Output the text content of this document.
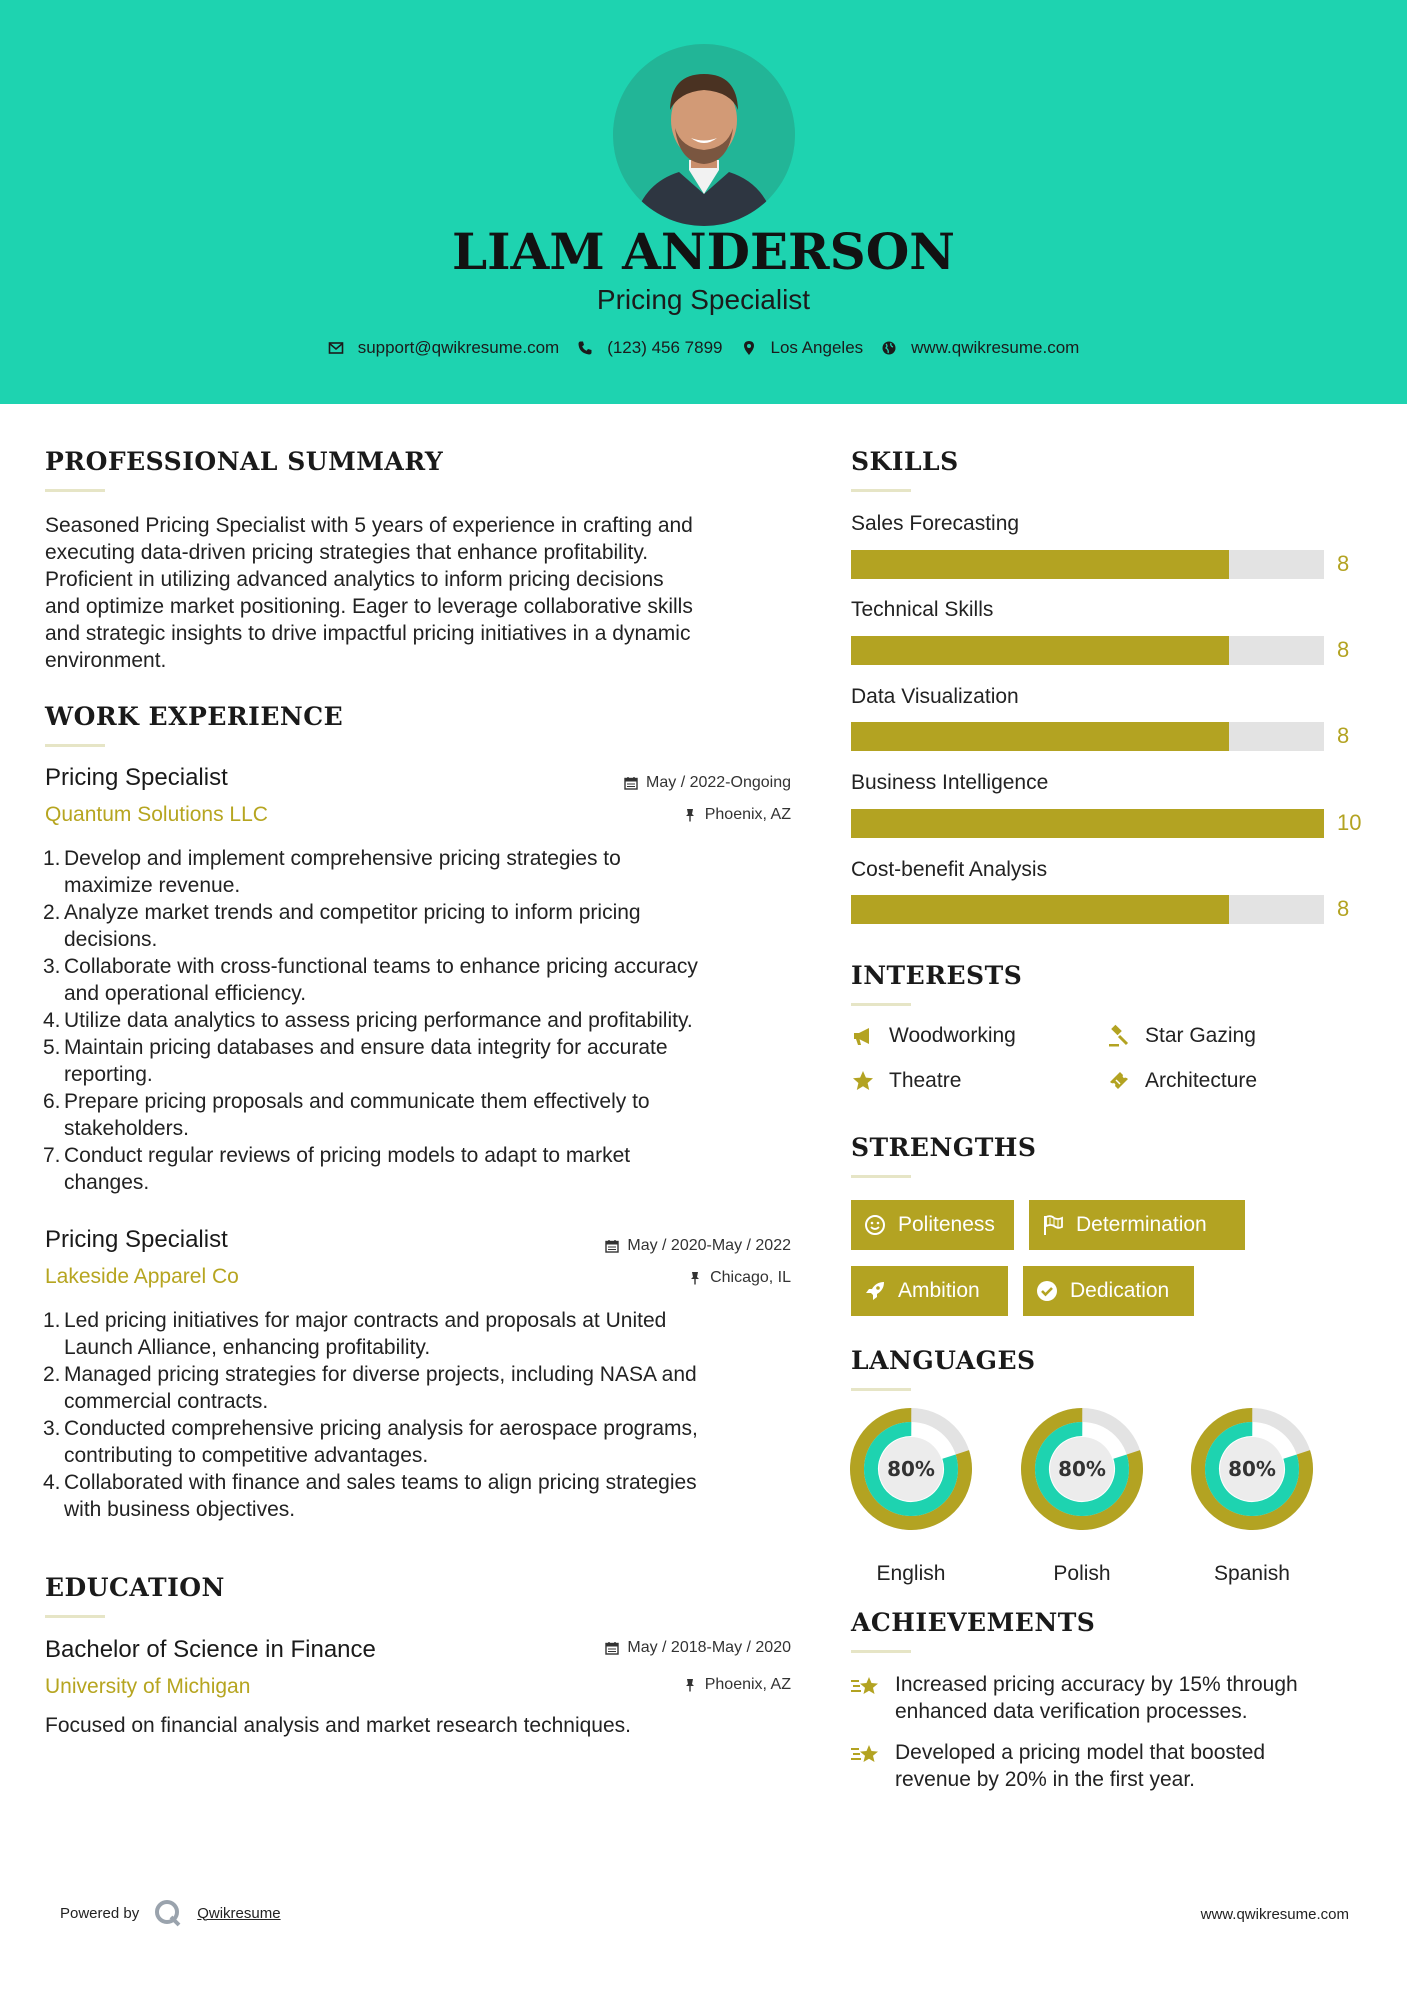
LIAM ANDERSON
Pricing Specialist
support@qwikresume.com	(123) 456 7899	Los Angeles	www.qwikresume.com
PROFESSIONAL SUMMARY
Seasoned Pricing Specialist with 5 years of experience in crafting and
executing data-driven pricing strategies that enhance profitability.
Proficient in utilizing advanced analytics to inform pricing decisions
and optimize market positioning. Eager to leverage collaborative skills
and strategic insights to drive impactful pricing initiatives in a dynamic
environment.
WORK EXPERIENCE
Pricing Specialist
Quantum Solutions LLC
May / 2022-Ongoing
Phoenix, AZ
1. Develop and implement comprehensive pricing strategies to
maximize revenue.
2. Analyze market trends and competitor pricing to inform pricing
decisions.
3. Collaborate with cross-functional teams to enhance pricing accuracy
and operational efficiency.
4. Utilize data analytics to assess pricing performance and profitability.
5. Maintain pricing databases and ensure data integrity for accurate
reporting.
6. Prepare pricing proposals and communicate them effectively to
stakeholders.
7. Conduct regular reviews of pricing models to adapt to market
changes.
Pricing Specialist
Lakeside Apparel Co
May / 2020-May / 2022
Chicago, IL
1. Led pricing initiatives for major contracts and proposals at United
Launch Alliance, enhancing profitability.
2. Managed pricing strategies for diverse projects, including NASA and
commercial contracts.
3. Conducted comprehensive pricing analysis for aerospace programs,
contributing to competitive advantages.
4. Collaborated with finance and sales teams to align pricing strategies
with business objectives.
EDUCATION
Bachelor of Science in Finance
University of Michigan
May / 2018-May / 2020
Phoenix, AZ
Focused on financial analysis and market research techniques.
SKILLS
Sales Forecasting
8
Technical Skills
8
Data Visualization
8
Business Intelligence
10
Cost-benefit Analysis
8
INTERESTS
Woodworking	Star Gazing
Theatre	Architecture
STRENGTHS
Politeness	Determination
Ambition	Dedication
LANGUAGES
80%
English
80%
Polish
80%
Spanish
ACHIEVEMENTS
Increased pricing accuracy by 15% through
enhanced data verification processes.
Developed a pricing model that boosted
revenue by 20% in the first year.
Powered by	Qwikresume	www.qwikresume.com
